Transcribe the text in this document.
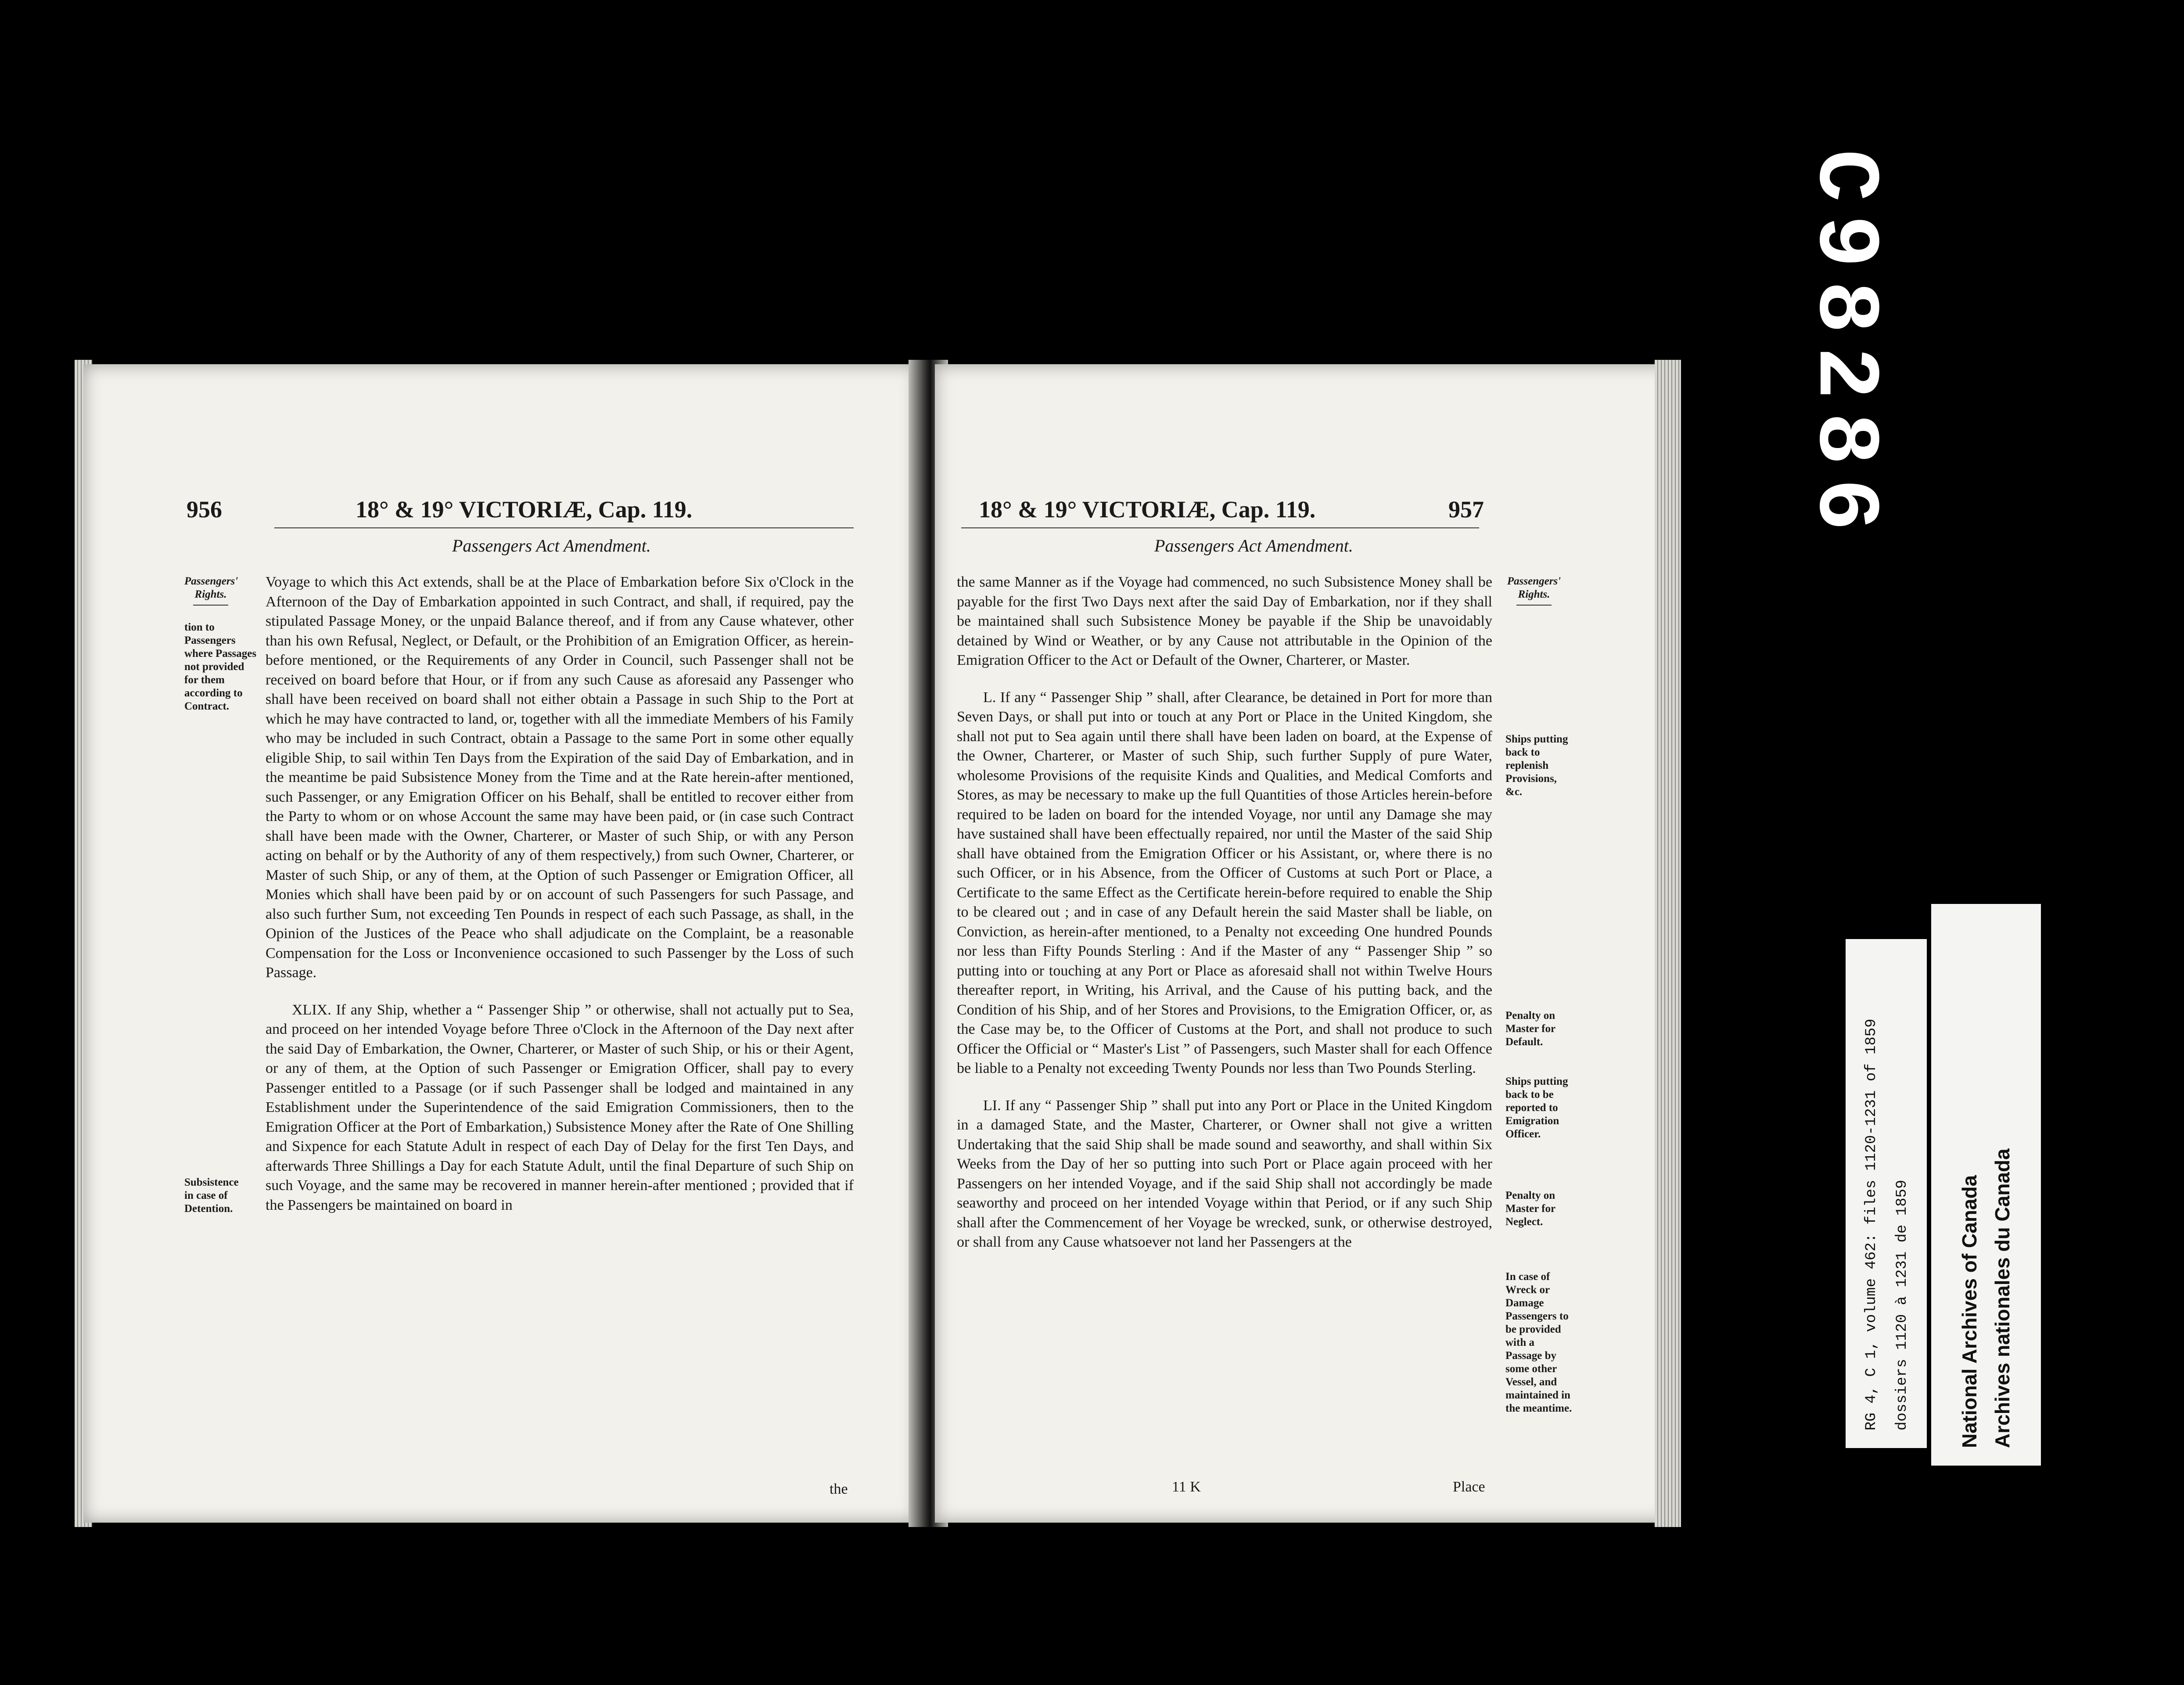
C98286
956	18° & 19° VICTORIÆ, Cap. 119.
Passengers Act Amendment.
Passengers' Rights.
tion to Passengers where Passages not provided for them according to Contract.
Subsistence in case of Detention.

Voyage to which this Act extends, shall be at the Place of Embarkation before Six o'Clock in the Afternoon of the Day of Embarkation appointed in such Contract, and shall, if required, pay the stipulated Passage Money, or the unpaid Balance thereof, and if from any Cause whatever, other than his own Refusal, Neglect, or Default, or the Prohibition of an Emigration Officer, as herein-before mentioned, or the Requirements of any Order in Council, such Passenger shall not be received on board before that Hour, or if from any such Cause as aforesaid any Passenger who shall have been received on board shall not either obtain a Passage in such Ship to the Port at which he may have contracted to land, or, together with all the immediate Members of his Family who may be included in such Contract, obtain a Passage to the same Port in some other equally eligible Ship, to sail within Ten Days from the Expiration of the said Day of Embarkation, and in the meantime be paid Subsistence Money from the Time and at the Rate herein-after mentioned, such Passenger, or any Emigration Officer on his Behalf, shall be entitled to recover either from the Party to whom or on whose Account the same may have been paid, or (in case such Contract shall have been made with the Owner, Charterer, or Master of such Ship, or with any Person acting on behalf or by the Authority of any of them respectively,) from such Owner, Charterer, or Master of such Ship, or any of them, at the Option of such Passenger or Emigration Officer, all Monies which shall have been paid by or on account of such Passengers for such Passage, and also such further Sum, not exceeding Ten Pounds in respect of each such Passage, as shall, in the Opinion of the Justices of the Peace who shall adjudicate on the Complaint, be a reasonable Compensation for the Loss or Inconvenience occasioned to such Passenger by the Loss of such Passage.

XLIX. If any Ship, whether a “ Passenger Ship ” or otherwise, shall not actually put to Sea, and proceed on her intended Voyage before Three o'Clock in the Afternoon of the Day next after the said Day of Embarkation, the Owner, Charterer, or Master of such Ship, or his or their Agent, or any of them, at the Option of such Passenger or Emigration Officer, shall pay to every Passenger entitled to a Passage (or if such Passenger shall be lodged and maintained in any Establishment under the Superintendence of the said Emigration Commissioners, then to the Emigration Officer at the Port of Embarkation,) Subsistence Money after the Rate of One Shilling and Sixpence for each Statute Adult in respect of each Day of Delay for the first Ten Days, and afterwards Three Shillings a Day for each Statute Adult, until the final Departure of such Ship on such Voyage, and the same may be recovered in manner herein-after mentioned ; provided that if the Passengers be maintained on board in

the
18° & 19° VICTORIÆ, Cap. 119.	957
Passengers Act Amendment.

the same Manner as if the Voyage had commenced, no such Subsistence Money shall be payable for the first Two Days next after the said Day of Embarkation, nor if they shall be maintained shall such Subsistence Money be payable if the Ship be unavoidably detained by Wind or Weather, or by any Cause not attributable in the Opinion of the Emigration Officer to the Act or Default of the Owner, Charterer, or Master.

L. If any “ Passenger Ship ” shall, after Clearance, be detained in Port for more than Seven Days, or shall put into or touch at any Port or Place in the United Kingdom, she shall not put to Sea again until there shall have been laden on board, at the Expense of the Owner, Charterer, or Master of such Ship, such further Supply of pure Water, wholesome Provisions of the requisite Kinds and Qualities, and Medical Comforts and Stores, as may be necessary to make up the full Quantities of those Articles herein-before required to be laden on board for the intended Voyage, nor until any Damage she may have sustained shall have been effectually repaired, nor until the Master of the said Ship shall have obtained from the Emigration Officer or his Assistant, or, where there is no such Officer, or in his Absence, from the Officer of Customs at such Port or Place, a Certificate to the same Effect as the Certificate herein-before required to enable the Ship to be cleared out ; and in case of any Default herein the said Master shall be liable, on Conviction, as herein-after mentioned, to a Penalty not exceeding One hundred Pounds nor less than Fifty Pounds Sterling : And if the Master of any “ Passenger Ship ” so putting into or touching at any Port or Place as aforesaid shall not within Twelve Hours thereafter report, in Writing, his Arrival, and the Cause of his putting back, and the Condition of his Ship, and of her Stores and Provisions, to the Emigration Officer, or, as the Case may be, to the Officer of Customs at the Port, and shall not produce to such Officer the Official or “ Master's List ” of Passengers, such Master shall for each Offence be liable to a Penalty not exceeding Twenty Pounds nor less than Two Pounds Sterling.

LI. If any “ Passenger Ship ” shall put into any Port or Place in the United Kingdom in a damaged State, and the Master, Charterer, or Owner shall not give a written Undertaking that the said Ship shall be made sound and seaworthy, and shall within Six Weeks from the Day of her so putting into such Port or Place again proceed with her Passengers on her intended Voyage, and if the said Ship shall not accordingly be made seaworthy and proceed on her intended Voyage within that Period, or if any such Ship shall after the Commencement of her Voyage be wrecked, sunk, or otherwise destroyed, or shall from any Cause whatsoever not land her Passengers at the

Passengers' Rights.
Ships putting back to replenish Provisions, &c.
Penalty on Master for Default.
Ships putting back to be reported to Emigration Officer.
Penalty on Master for Neglect.
In case of Wreck or Damage Passengers to be provided with a Passage by some other Vessel, and maintained in the meantime.
11 K	Place
RG 4, C 1, volume 462: files 1120-1231 of 1859 dossiers 1120 à 1231 de 1859 National Archives of Canada Archives nationales du Canada
